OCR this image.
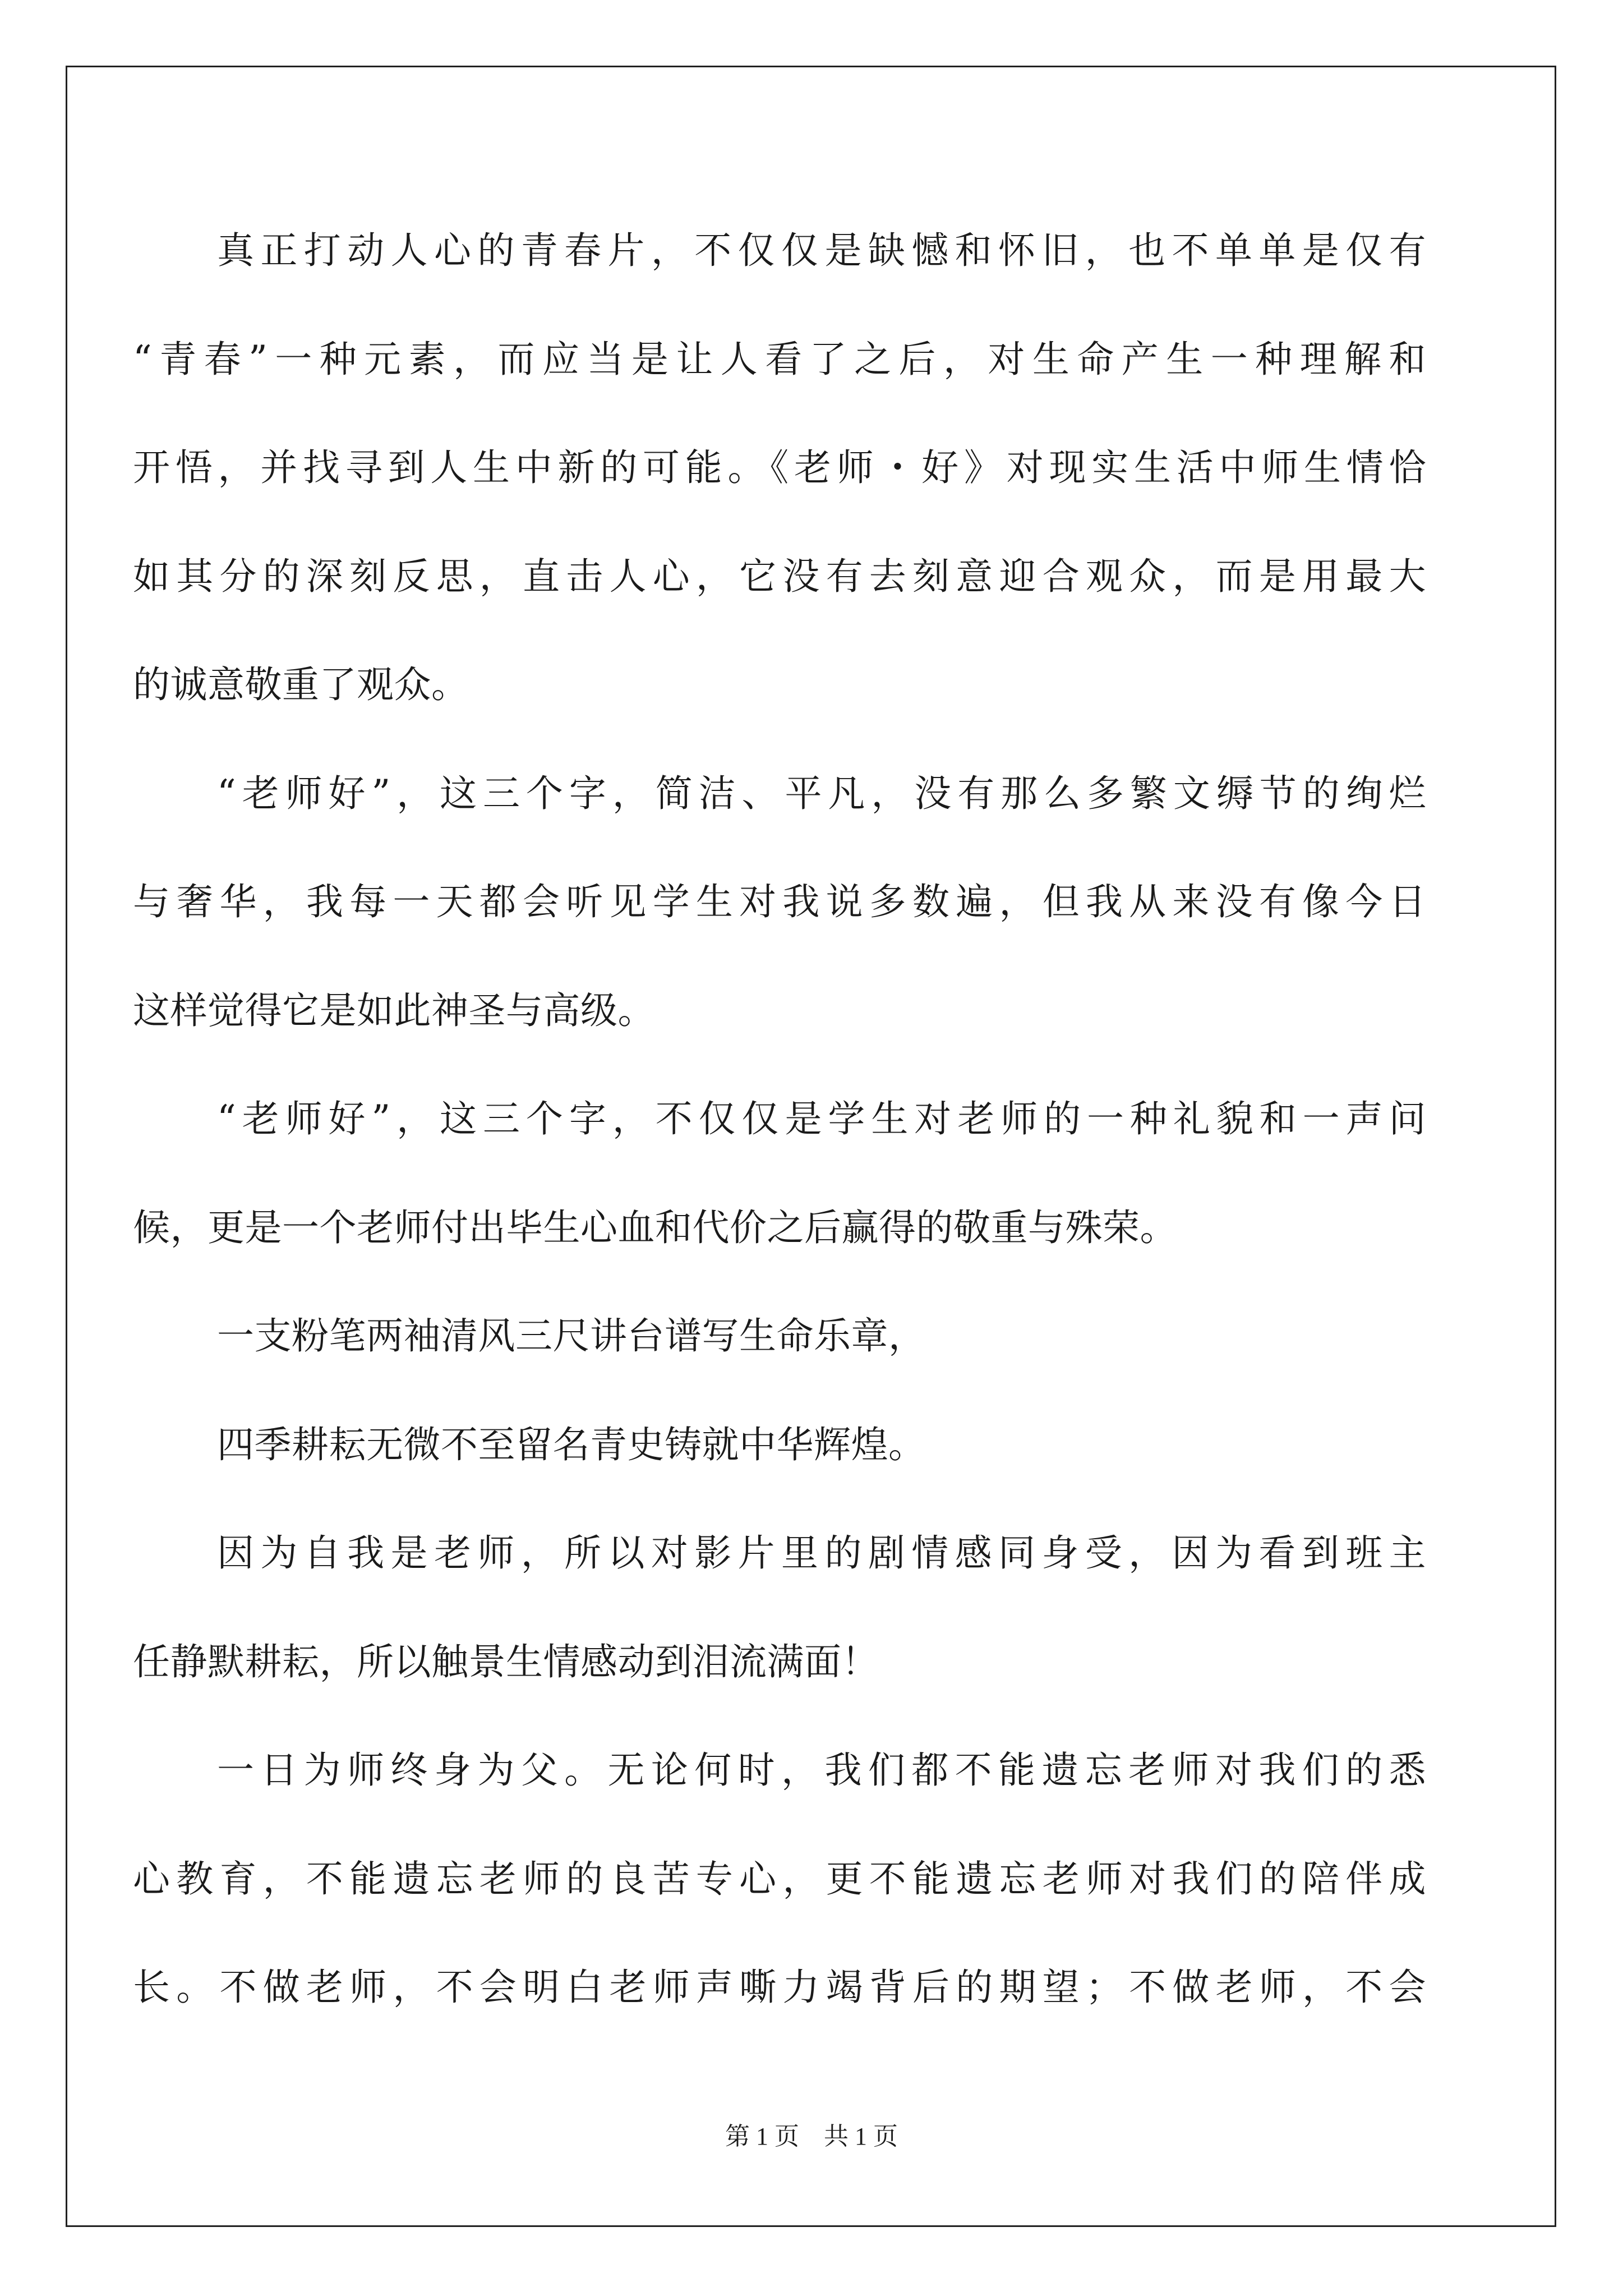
真正打动人心的青春片，不仅仅是缺憾和怀旧，也不单单是仅有
“青春”一种元素，而应当是让人看了之后，对生命产生一种理解和
开悟，并找寻到人生中新的可能。《老师・好》对现实生活中师生情恰
如其分的深刻反思，直击人心，它没有去刻意迎合观众，而是用最大
的诚意敬重了观众。
“老师好”，这三个字，简洁、平凡，没有那么多繁文缛节的绚烂
与奢华，我每一天都会听见学生对我说多数遍，但我从来没有像今日
这样觉得它是如此神圣与高级。
“老师好”，这三个字，不仅仅是学生对老师的一种礼貌和一声问
候，更是一个老师付出毕生心血和代价之后赢得的敬重与殊荣。
一支粉笔两袖清风三尺讲台谱写生命乐章，
四季耕耘无微不至留名青史铸就中华辉煌。
因为自我是老师，所以对影片里的剧情感同身受，因为看到班主
任静默耕耘，所以触景生情感动到泪流满面！
一日为师终身为父。无论何时，我们都不能遗忘老师对我们的悉
心教育，不能遗忘老师的良苦专心，更不能遗忘老师对我们的陪伴成
长。不做老师，不会明白老师声嘶力竭背后的期望；不做老师，不会
第 1 页　共 1 页
